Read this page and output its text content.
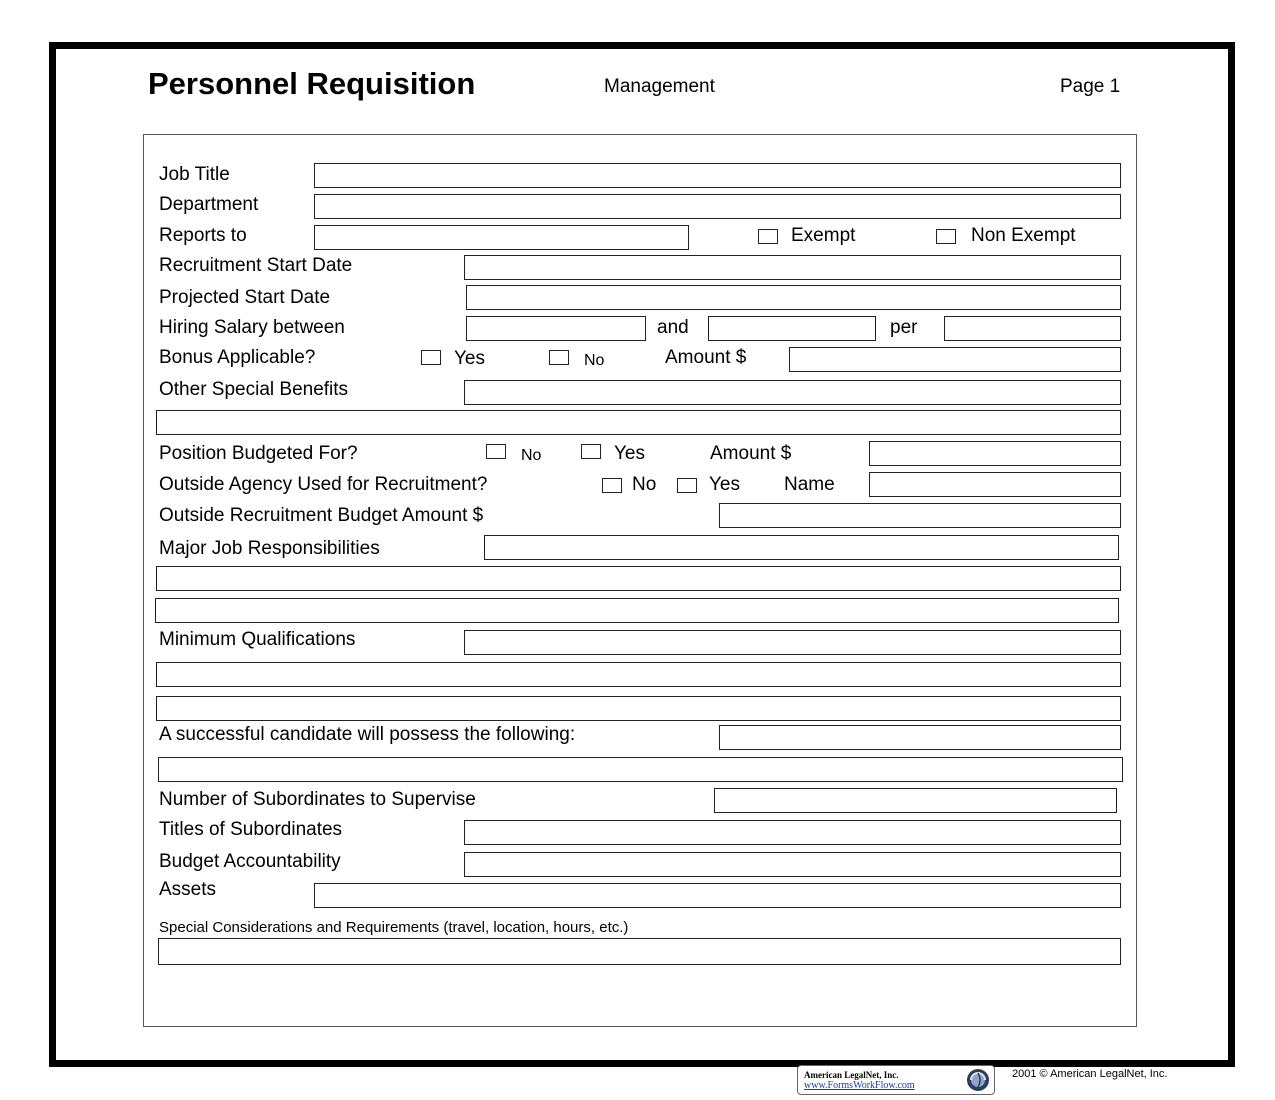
Personnel Requisition	Management	Page 1
Job Title
Department
Reports to	Exempt	Non Exempt
Recruitment Start Date
Projected Start Date
Hiring Salary between	and	per
Bonus Applicable?	Yes	No	Amount $
Other Special Benefits
Position Budgeted For?	No	Yes	Amount $
Outside Agency Used for Recruitment?	No	Yes Name
Outside Recruitment Budget Amount $
Major Job Responsibilities
Minimum Qualifications
A successful candidate will possess the following:
Number of Subordinates to Supervise
Titles of Subordinates
Budget Accountability
Assets
Special Considerations and Requirements (travel, location, hours, etc.)
American LegalNet, Inc.
www.FormsWorkFlow.com
2001 © American LegalNet, Inc.
